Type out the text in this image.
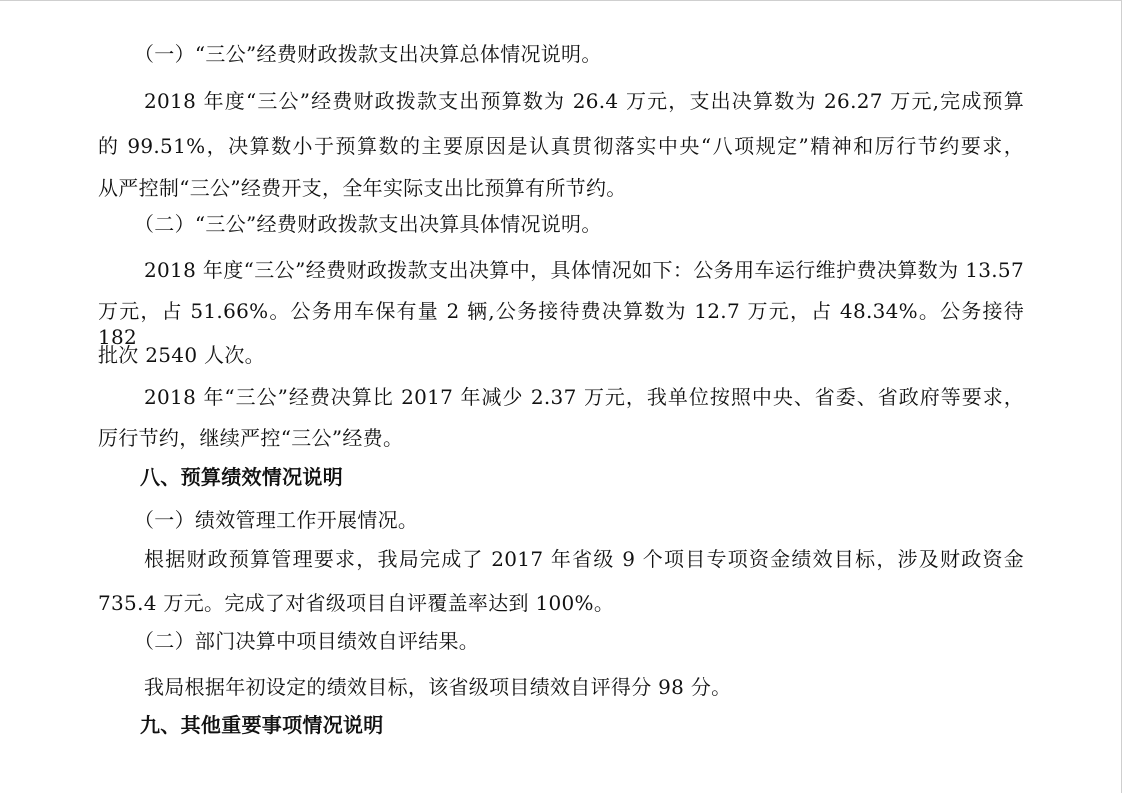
（一）“三公”经费财政拨款支出决算总体情况说明。
2018 年度“三公”经费财政拨款支出预算数为 26.4 万元，支出决算数为 26.27 万元,完成预算
的 99.51%，决算数小于预算数的主要原因是认真贯彻落实中央“八项规定”精神和厉行节约要求，
从严控制“三公”经费开支，全年实际支出比预算有所节约。
（二）“三公”经费财政拨款支出决算具体情况说明。
2018 年度“三公”经费财政拨款支出决算中，具体情况如下：公务用车运行维护费决算数为 13.57
万元，占 51.66%。公务用车保有量 2 辆,公务接待费决算数为 12.7 万元，占 48.34%。公务接待 182
批次 2540 人次。
2018 年“三公”经费决算比 2017 年减少 2.37 万元，我单位按照中央、省委、省政府等要求，
厉行节约，继续严控“三公”经费。
八、预算绩效情况说明
（一）绩效管理工作开展情况。
根据财政预算管理要求，我局完成了 2017 年省级 9 个项目专项资金绩效目标，涉及财政资金
735.4 万元。完成了对省级项目自评覆盖率达到 100%。
（二）部门决算中项目绩效自评结果。
我局根据年初设定的绩效目标，该省级项目绩效自评得分 98 分。
九、其他重要事项情况说明
